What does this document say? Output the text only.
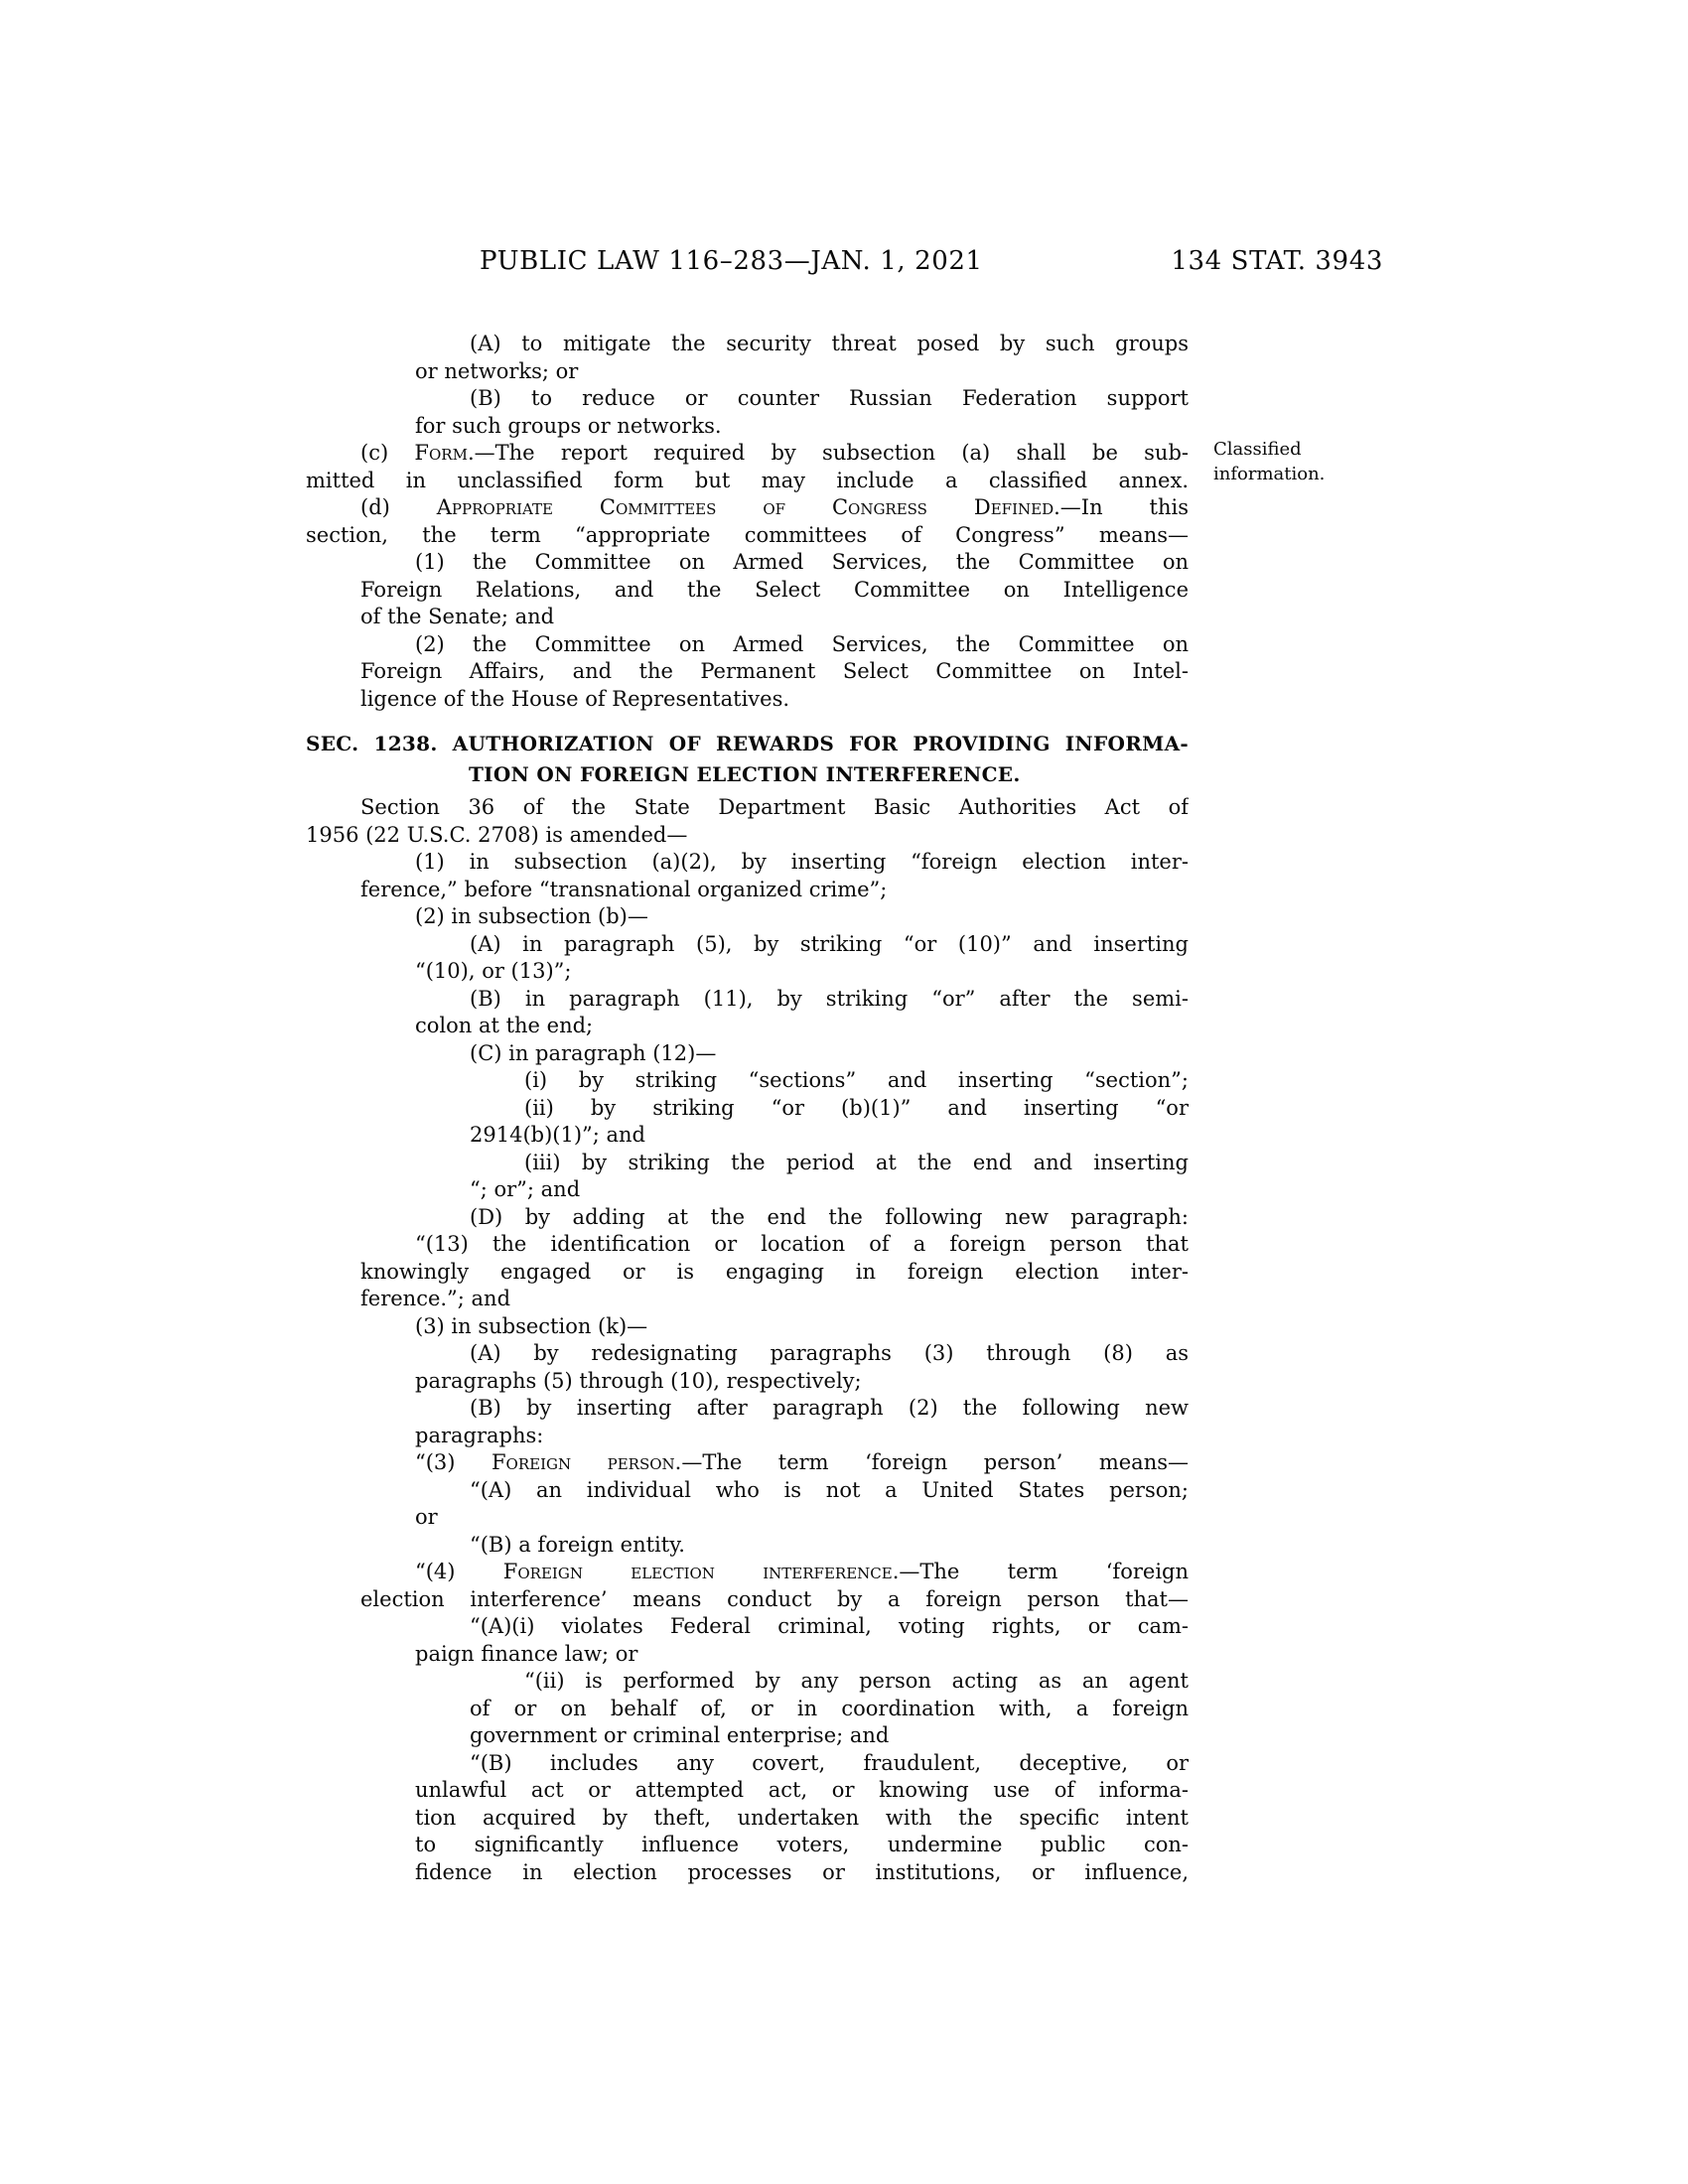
PUBLIC LAW 116–283—JAN. 1, 2021	134 STAT. 3943
Classified
information.
(A) to mitigate the security threat posed by such groups
or networks; or
(B) to reduce or counter Russian Federation support
for such groups or networks.
(c) Form.—The report required by subsection (a) shall be sub-
mitted in unclassified form but may include a classified annex.
(d) Appropriate Committees of Congress Defined.—In this
section, the term “appropriate committees of Congress” means—
(1) the Committee on Armed Services, the Committee on
Foreign Relations, and the Select Committee on Intelligence
of the Senate; and
(2) the Committee on Armed Services, the Committee on
Foreign Affairs, and the Permanent Select Committee on Intel-
ligence of the House of Representatives.
SEC. 1238. AUTHORIZATION OF REWARDS FOR PROVIDING INFORMA-
TION ON FOREIGN ELECTION INTERFERENCE.
Section 36 of the State Department Basic Authorities Act of
1956 (22 U.S.C. 2708) is amended—
(1) in subsection (a)(2), by inserting “foreign election inter-
ference,” before “transnational organized crime”;
(2) in subsection (b)—
(A) in paragraph (5), by striking “or (10)” and inserting
“(10), or (13)”;
(B) in paragraph (11), by striking “or” after the semi-
colon at the end;
(C) in paragraph (12)—
(i) by striking “sections” and inserting “section”;
(ii) by striking “or (b)(1)” and inserting “or
2914(b)(1)”; and
(iii) by striking the period at the end and inserting
“; or”; and
(D) by adding at the end the following new paragraph:
“(13) the identification or location of a foreign person that
knowingly engaged or is engaging in foreign election inter-
ference.”; and
(3) in subsection (k)—
(A) by redesignating paragraphs (3) through (8) as
paragraphs (5) through (10), respectively;
(B) by inserting after paragraph (2) the following new
paragraphs:
“(3) Foreign person.—The term ‘foreign person’ means—
“(A) an individual who is not a United States person;
or
“(B) a foreign entity.
“(4) Foreign election interference.—The term ‘foreign
election interference’ means conduct by a foreign person that—
“(A)(i) violates Federal criminal, voting rights, or cam-
paign finance law; or
“(ii) is performed by any person acting as an agent
of or on behalf of, or in coordination with, a foreign
government or criminal enterprise; and
“(B) includes any covert, fraudulent, deceptive, or
unlawful act or attempted act, or knowing use of informa-
tion acquired by theft, undertaken with the specific intent
to significantly influence voters, undermine public con-
fidence in election processes or institutions, or influence,
